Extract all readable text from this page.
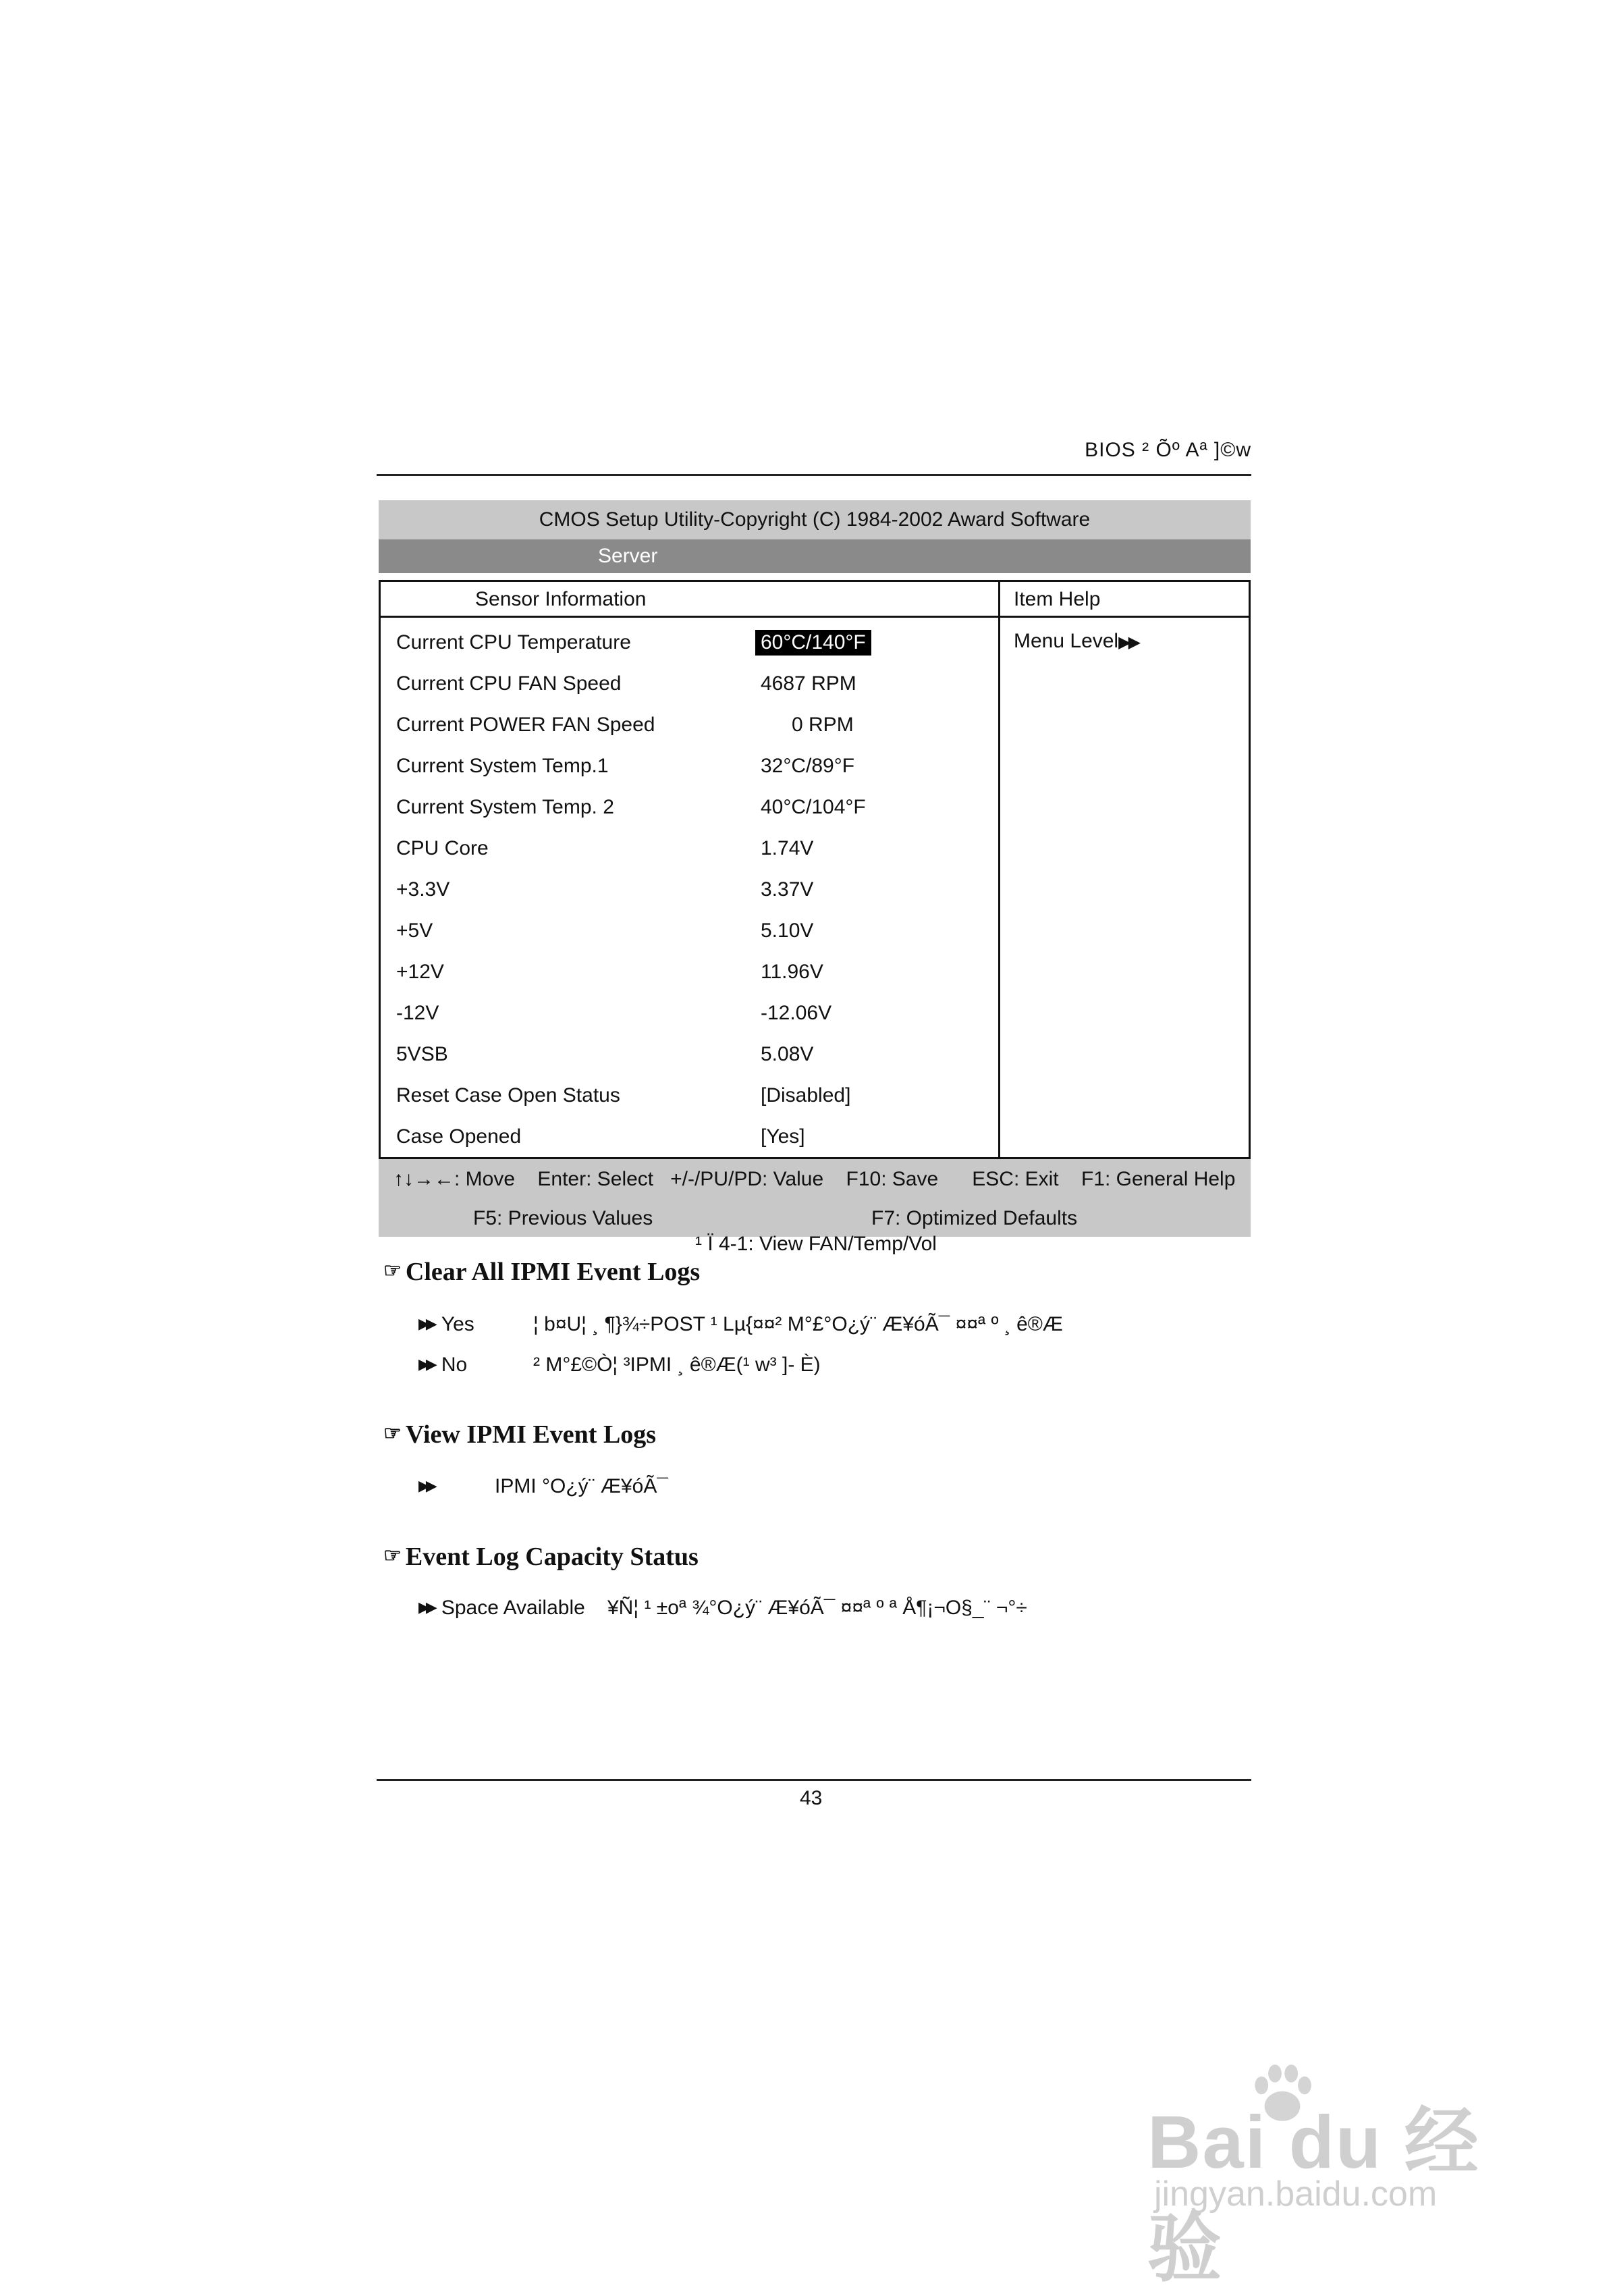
BIOS ² Õº Aª ]©w
CMOS Setup Utility-Copyright (C) 1984-2002 Award Software
Server
Sensor Information
Current CPU Temperature	60°C/140°F
Current CPU FAN Speed	4687 RPM
Current POWER FAN Speed	0 RPM
Current System Temp.1	32°C/89°F
Current System Temp. 2	40°C/104°F
CPU Core	1.74V
+3.3V	3.37V
+5V	5.10V
+12V	11.96V
-12V	-12.06V
5VSB	5.08V
Reset Case Open Status	[Disabled]
Case Opened	[Yes]
Item Help
Menu Level▶▶
↑↓→←: Move    Enter: Select   +/-/PU/PD: Value    F10: Save      ESC: Exit    F1: General Help
F5: Previous Values	F7: Optimized Defaults
¹ Ï 4-1: View FAN/Temp/Vol
☞ Clear All IPMI Event Logs
▶▶ Yes	¦ b¤U¦ ¸ ¶}¾÷POST ¹ Lµ{¤¤² M°£°O¿ý¨ Æ¥óÃ¯ ¤¤ª º ¸ ê®Æ
▶▶ No	² M°£©Ò¦ ³IPMI ¸ ê®Æ(¹ w³ ]- È)
☞ View IPMI Event Logs
▶▶	IPMI °O¿ý¨ Æ¥óÃ¯
☞ Event Log Capacity Status
▶▶ Space Available ¥Ñ¦ ¹ ±oª ¾°O¿ý¨ Æ¥óÃ¯ ¤¤ª º ª Å¶¡¬O§_¨ ¬°÷
43
Bai du 经验
jingyan.baidu.com
